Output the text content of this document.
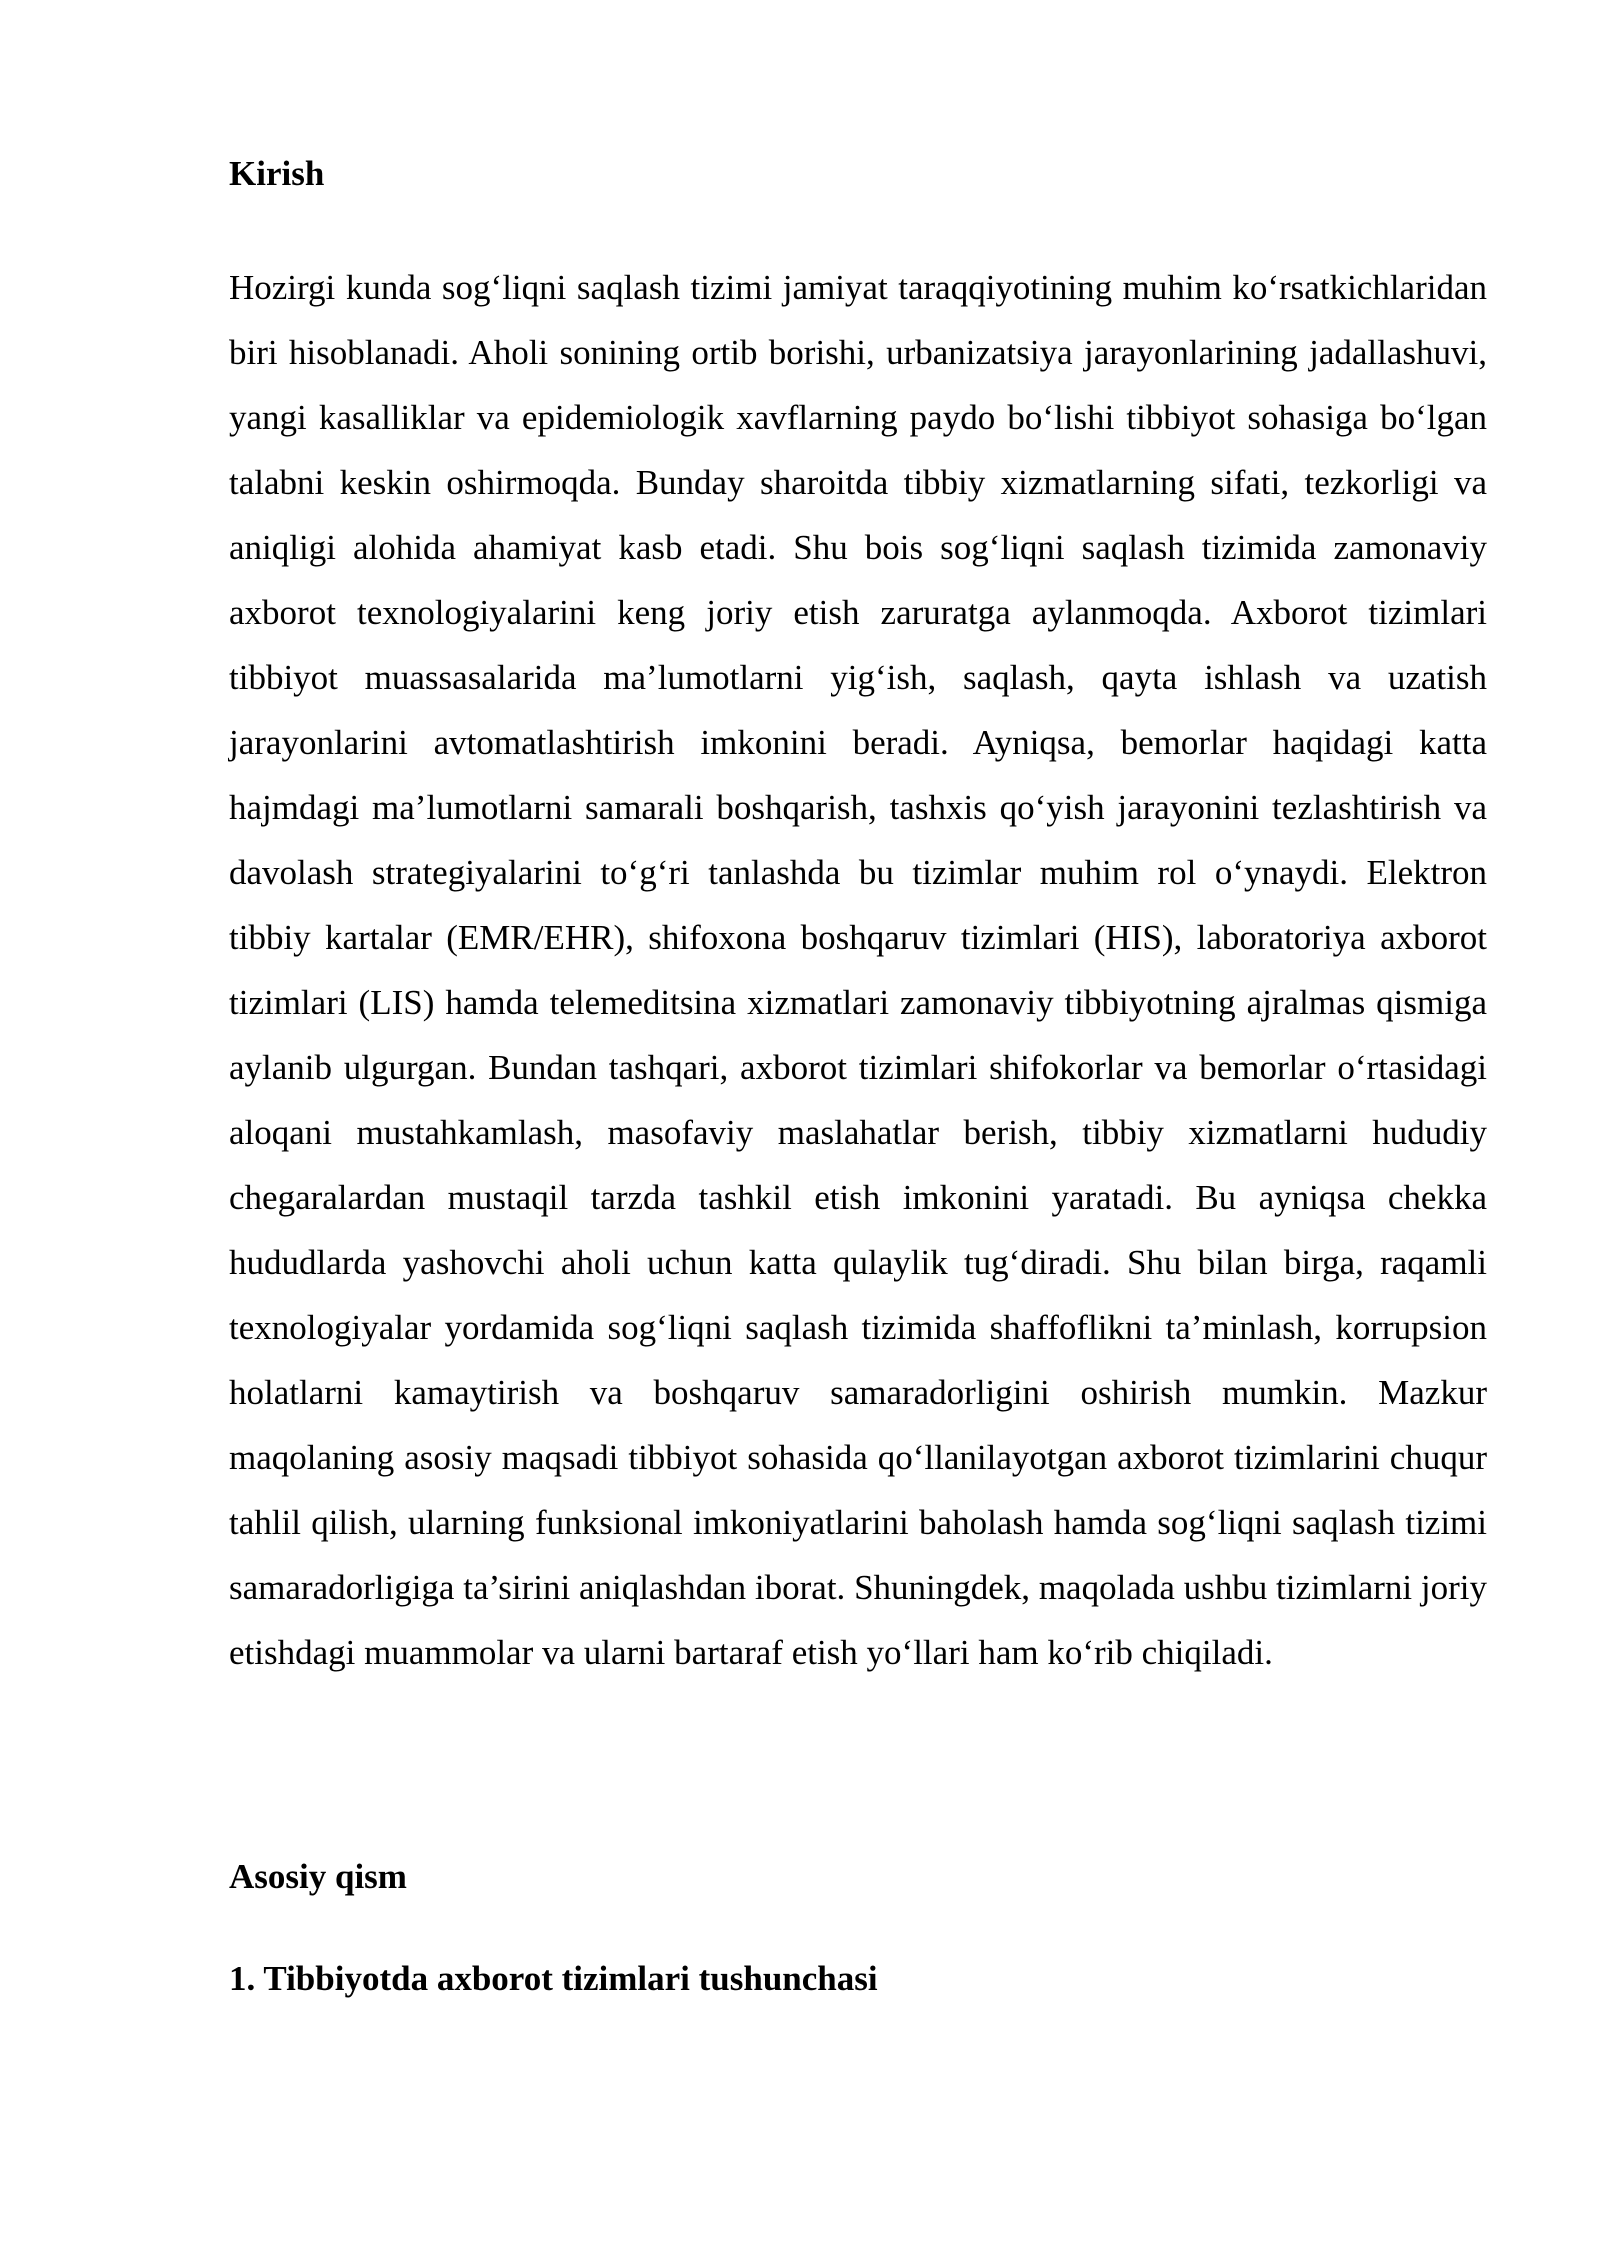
Kirish

Hozirgi kunda sog‘liqni saqlash tizimi jamiyat taraqqiyotining muhim ko‘rsatkichlaridan biri hisoblanadi. Aholi sonining ortib borishi, urbanizatsiya jarayonlarining jadallashuvi, yangi kasalliklar va epidemiologik xavflarning paydo bo‘lishi tibbiyot sohasiga bo‘lgan talabni keskin oshirmoqda. Bunday sharoitda tibbiy xizmatlarning sifati, tezkorligi va aniqligi alohida ahamiyat kasb etadi. Shu bois sog‘liqni saqlash tizimida zamonaviy axborot texnologiyalarini keng joriy etish zaruratga aylanmoqda. Axborot tizimlari tibbiyot muassasalarida ma’lumotlarni yig‘ish, saqlash, qayta ishlash va uzatish jarayonlarini avtomatlashtirish imkonini beradi. Ayniqsa, bemorlar haqidagi katta hajmdagi ma’lumotlarni samarali boshqarish, tashxis qo‘yish jarayonini tezlashtirish va davolash strategiyalarini to‘g‘ri tanlashda bu tizimlar muhim rol o‘ynaydi. Elektron tibbiy kartalar (EMR/EHR), shifoxona boshqaruv tizimlari (HIS), laboratoriya axborot tizimlari (LIS) hamda telemeditsina xizmatlari zamonaviy tibbiyotning ajralmas qismiga aylanib ulgurgan. Bundan tashqari, axborot tizimlari shifokorlar va bemorlar o‘rtasidagi aloqani mustahkamlash, masofaviy maslahatlar berish, tibbiy xizmatlarni hududiy chegaralardan mustaqil tarzda tashkil etish imkonini yaratadi. Bu ayniqsa chekka hududlarda yashovchi aholi uchun katta qulaylik tug‘diradi. Shu bilan birga, raqamli texnologiyalar yordamida sog‘liqni saqlash tizimida shaffoflikni ta’minlash, korrupsion holatlarni kamaytirish va boshqaruv samaradorligini oshirish mumkin. Mazkur maqolaning asosiy maqsadi tibbiyot sohasida qo‘llanilayotgan axborot tizimlarini chuqur tahlil qilish, ularning funksional imkoniyatlarini baholash hamda sog‘liqni saqlash tizimi samaradorligiga ta’sirini aniqlashdan iborat. Shuningdek, maqolada ushbu tizimlarni joriy etishdagi muammolar va ularni bartaraf etish yo‘llari ham ko‘rib chiqiladi.

Asosiy qism
1. Tibbiyotda axborot tizimlari tushunchasi
